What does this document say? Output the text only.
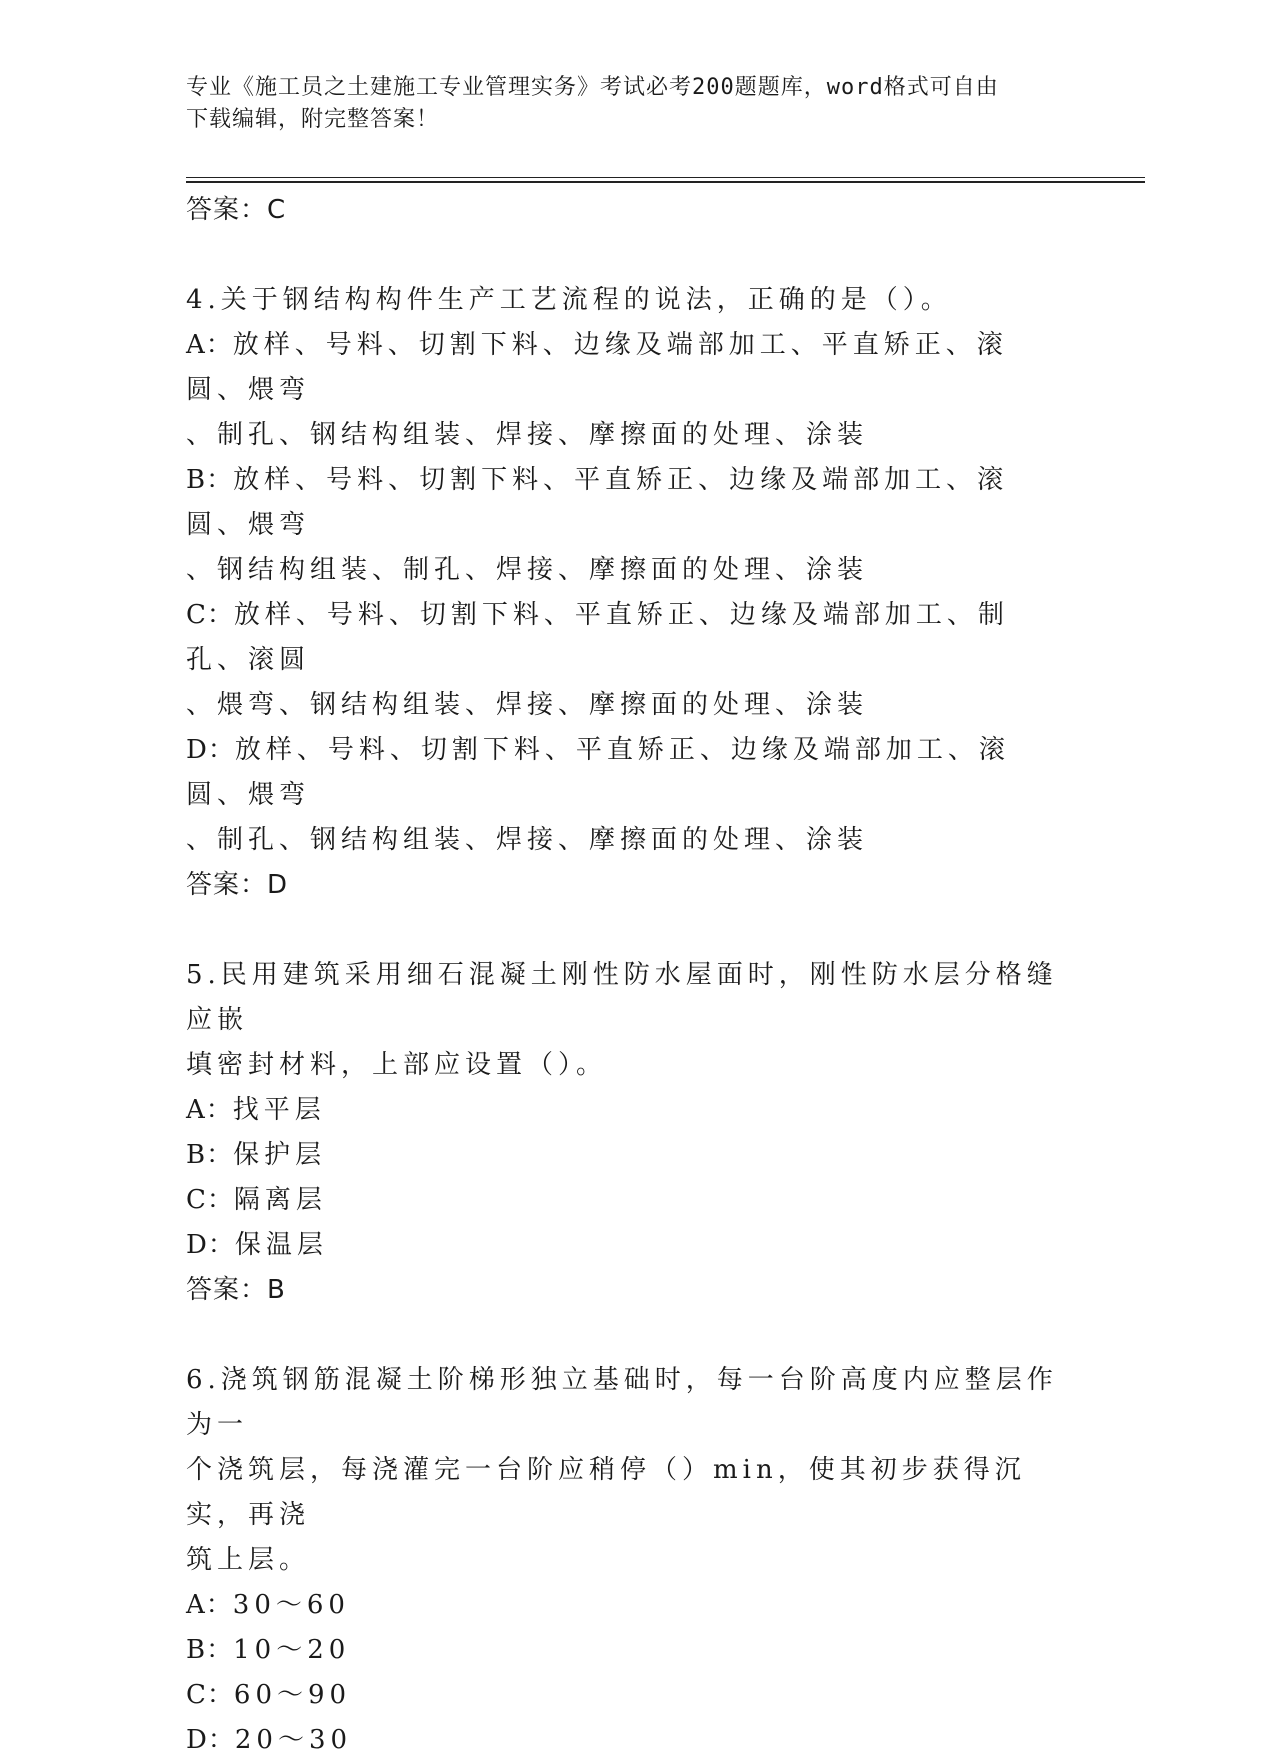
专业《施工员之土建施工专业管理实务》考试必考200题题库，word格式可自由
下载编辑，附完整答案！
答案：C
4.关于钢结构构件生产工艺流程的说法，正确的是（）。
A：放样、号料、切割下料、边缘及端部加工、平直矫正、滚圆、煨弯
、制孔、钢结构组装、焊接、摩擦面的处理、涂装
B：放样、号料、切割下料、平直矫正、边缘及端部加工、滚圆、煨弯
、钢结构组装、制孔、焊接、摩擦面的处理、涂装
C：放样、号料、切割下料、平直矫正、边缘及端部加工、制孔、滚圆
、煨弯、钢结构组装、焊接、摩擦面的处理、涂装
D：放样、号料、切割下料、平直矫正、边缘及端部加工、滚圆、煨弯
、制孔、钢结构组装、焊接、摩擦面的处理、涂装
答案：D
5.民用建筑采用细石混凝土刚性防水屋面时，刚性防水层分格缝应嵌
填密封材料，上部应设置（）。
A：找平层
B：保护层
C：隔离层
D：保温层
答案：B
6.浇筑钢筋混凝土阶梯形独立基础时，每一台阶高度内应整层作为一
个浇筑层，每浇灌完一台阶应稍停（）min，使其初步获得沉实，再浇
筑上层。
A：30～60
B：10～20
C：60～90
D：20～30
